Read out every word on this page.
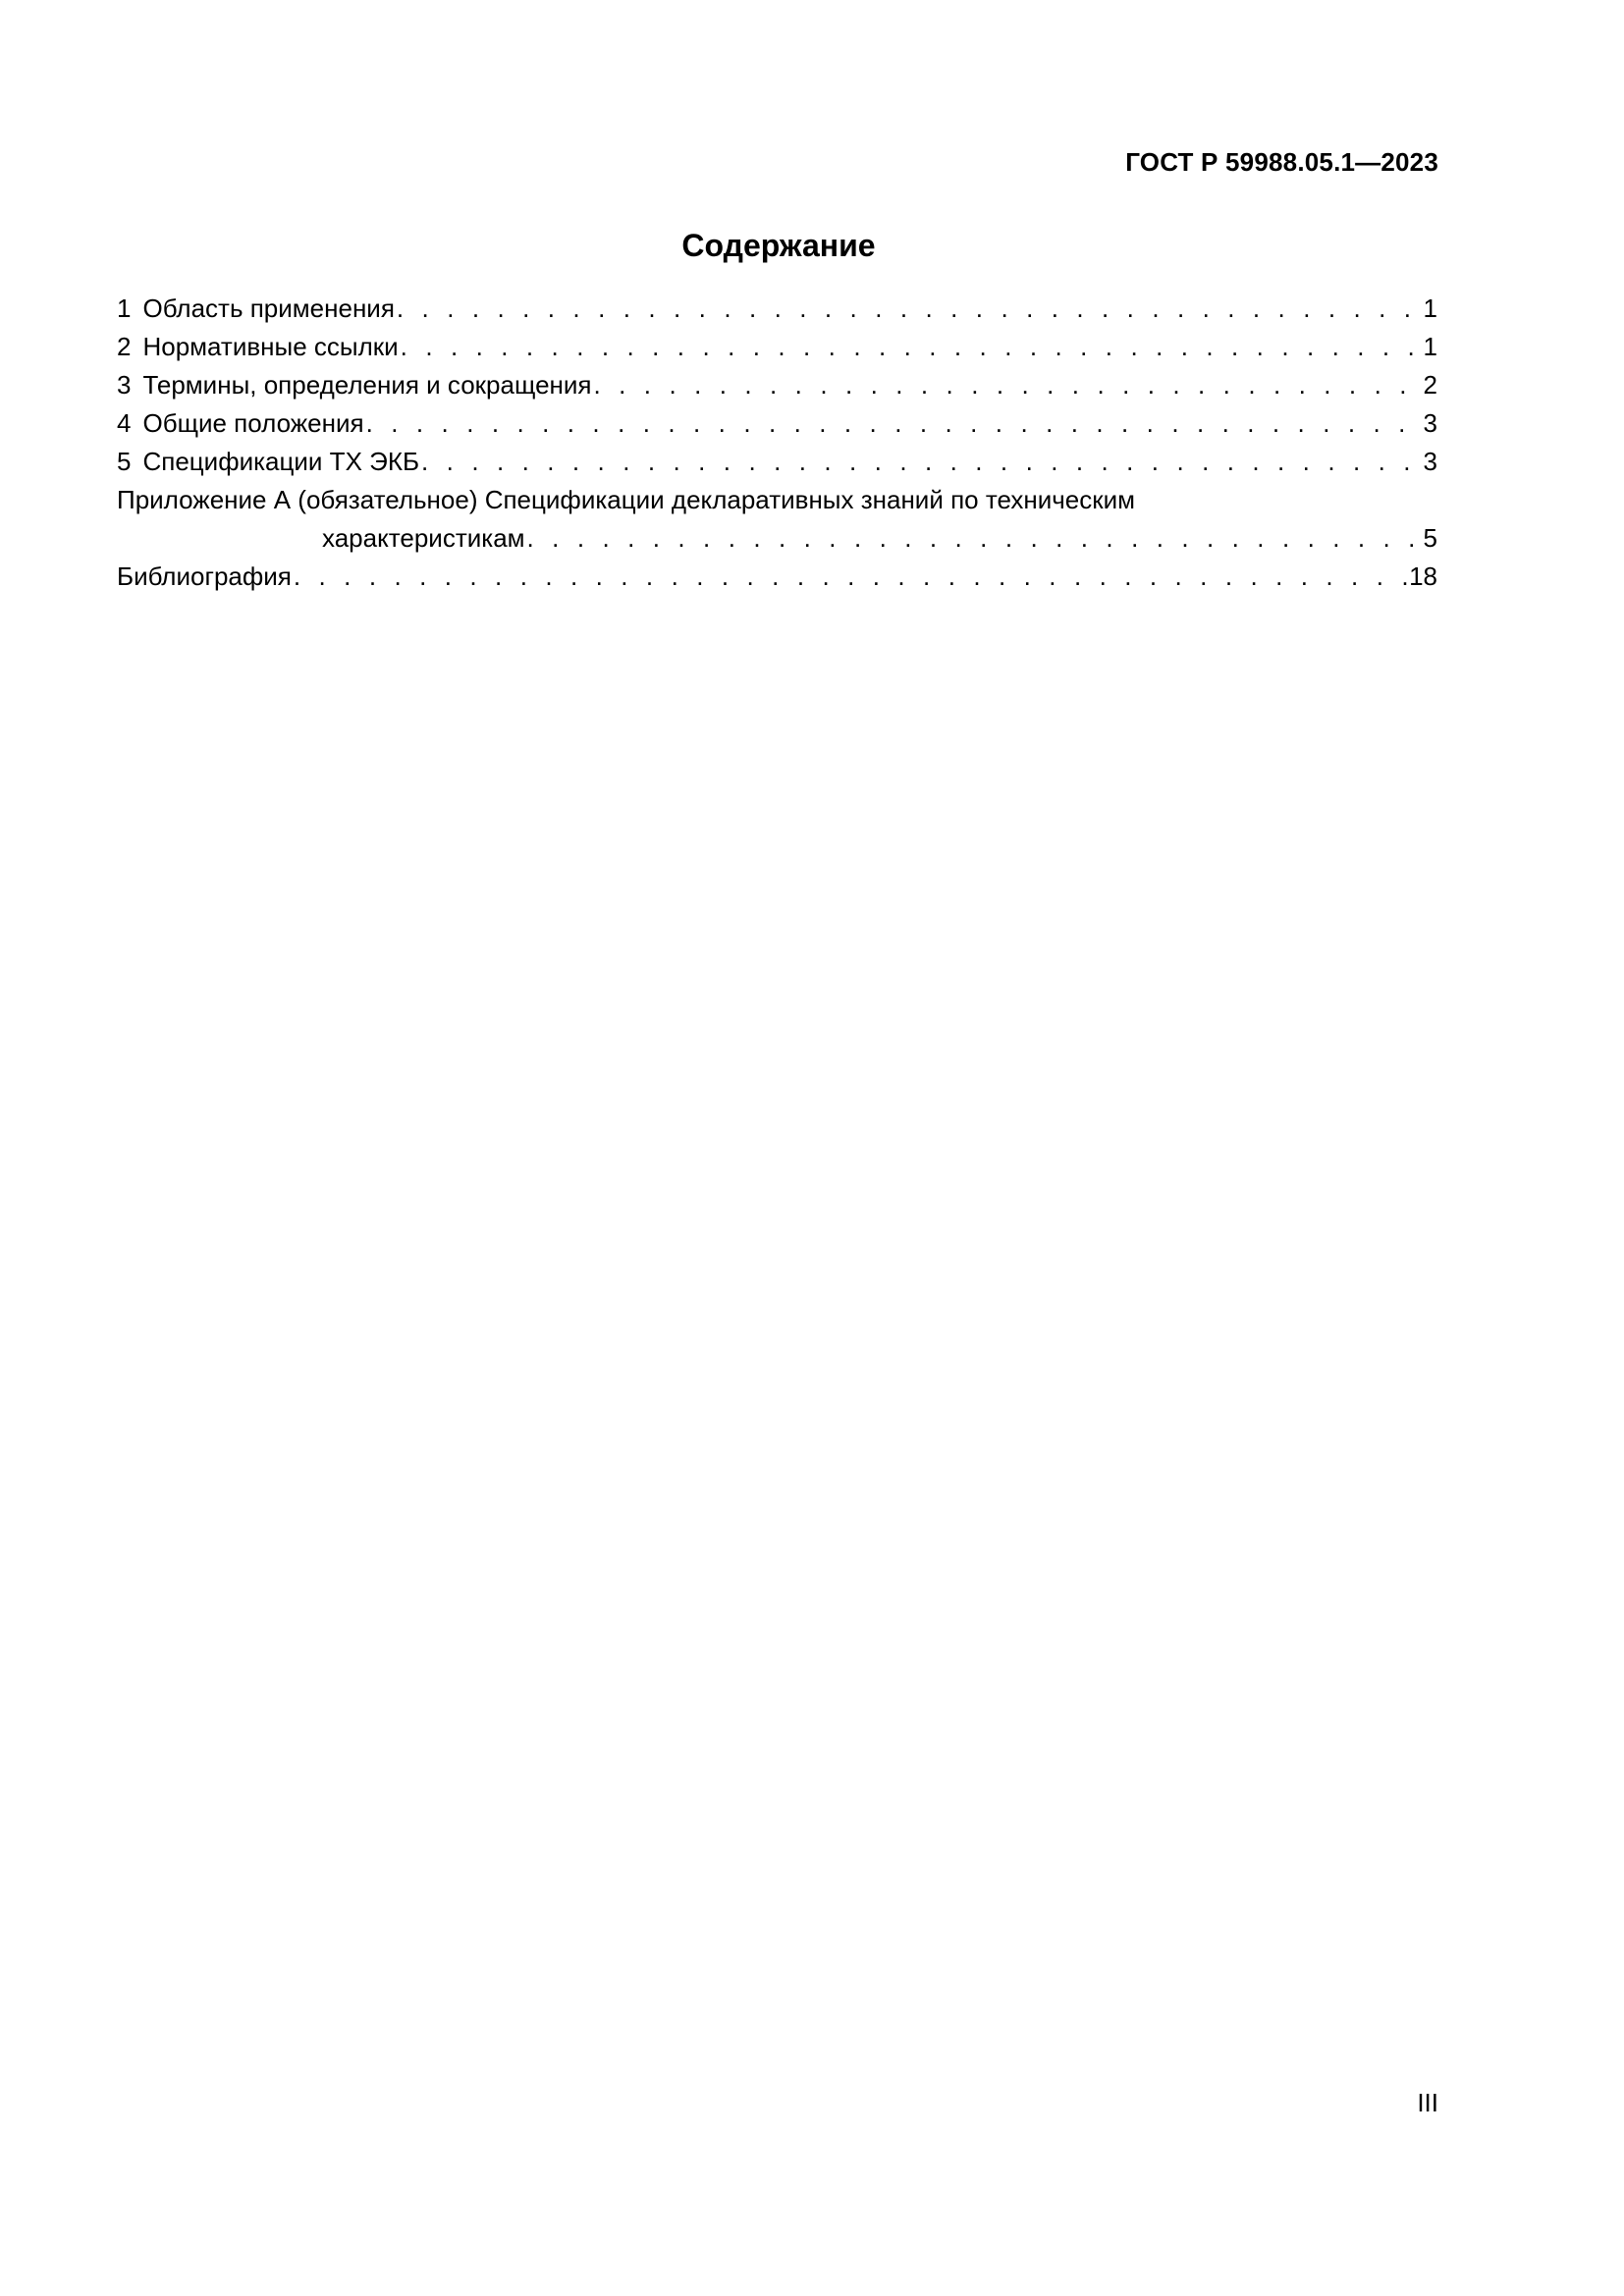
ГОСТ Р 59988.05.1—2023
Содержание
1 Область применения . . .	1
2 Нормативные ссылки . . .	1
3 Термины, определения и сокращения . . .	2
4 Общие положения . . .	3
5 Спецификации ТХ ЭКБ . . .	3
Приложение А (обязательное) Спецификации декларативных знаний по техническим
характеристикам . . .	5
Библиография . . .	18
III
